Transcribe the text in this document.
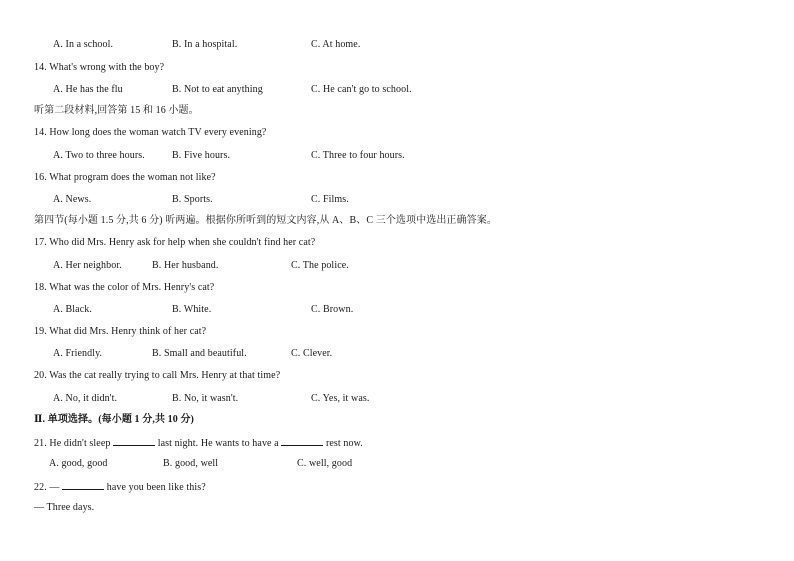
A. In a school.	B. In a hospital.	C. At home.
14. What's wrong with the boy?
A. He has the flu	B. Not to eat anything	C. He can't go to school.
听第二段材料,回答第 15 和 16 小题。
14. How long does the woman watch TV every evening?
A. Two to three hours.	B. Five hours.	C. Three to four hours.
16. What program does the woman not like?
A. News.	B. Sports.	C. Films.
第四节(每小题 1.5 分,共 6 分) 听两遍。根据你所听到的短文内容,从 A、B、C 三个选项中选出正确答案。
17. Who did Mrs. Henry ask for help when she couldn't find her cat?
A. Her neighbor.	B. Her husband.	C. The police.
18. What was the color of Mrs. Henry's cat?
A. Black.	B. White.	C. Brown.
19. What did Mrs. Henry think of her cat?
A. Friendly.	B. Small and beautiful.	C. Clever.
20. Was the cat really trying to call Mrs. Henry at that time?
A. No, it didn't.	B. No, it wasn't.	C. Yes, it was.
Ⅱ. 单项选择。(每小题 1 分,共 10 分)
21. He didn't sleep	last night. He wants to have a	rest now.
A. good, good	B. good, well	C. well, good
22. —	have you been like this?
— Three days.
